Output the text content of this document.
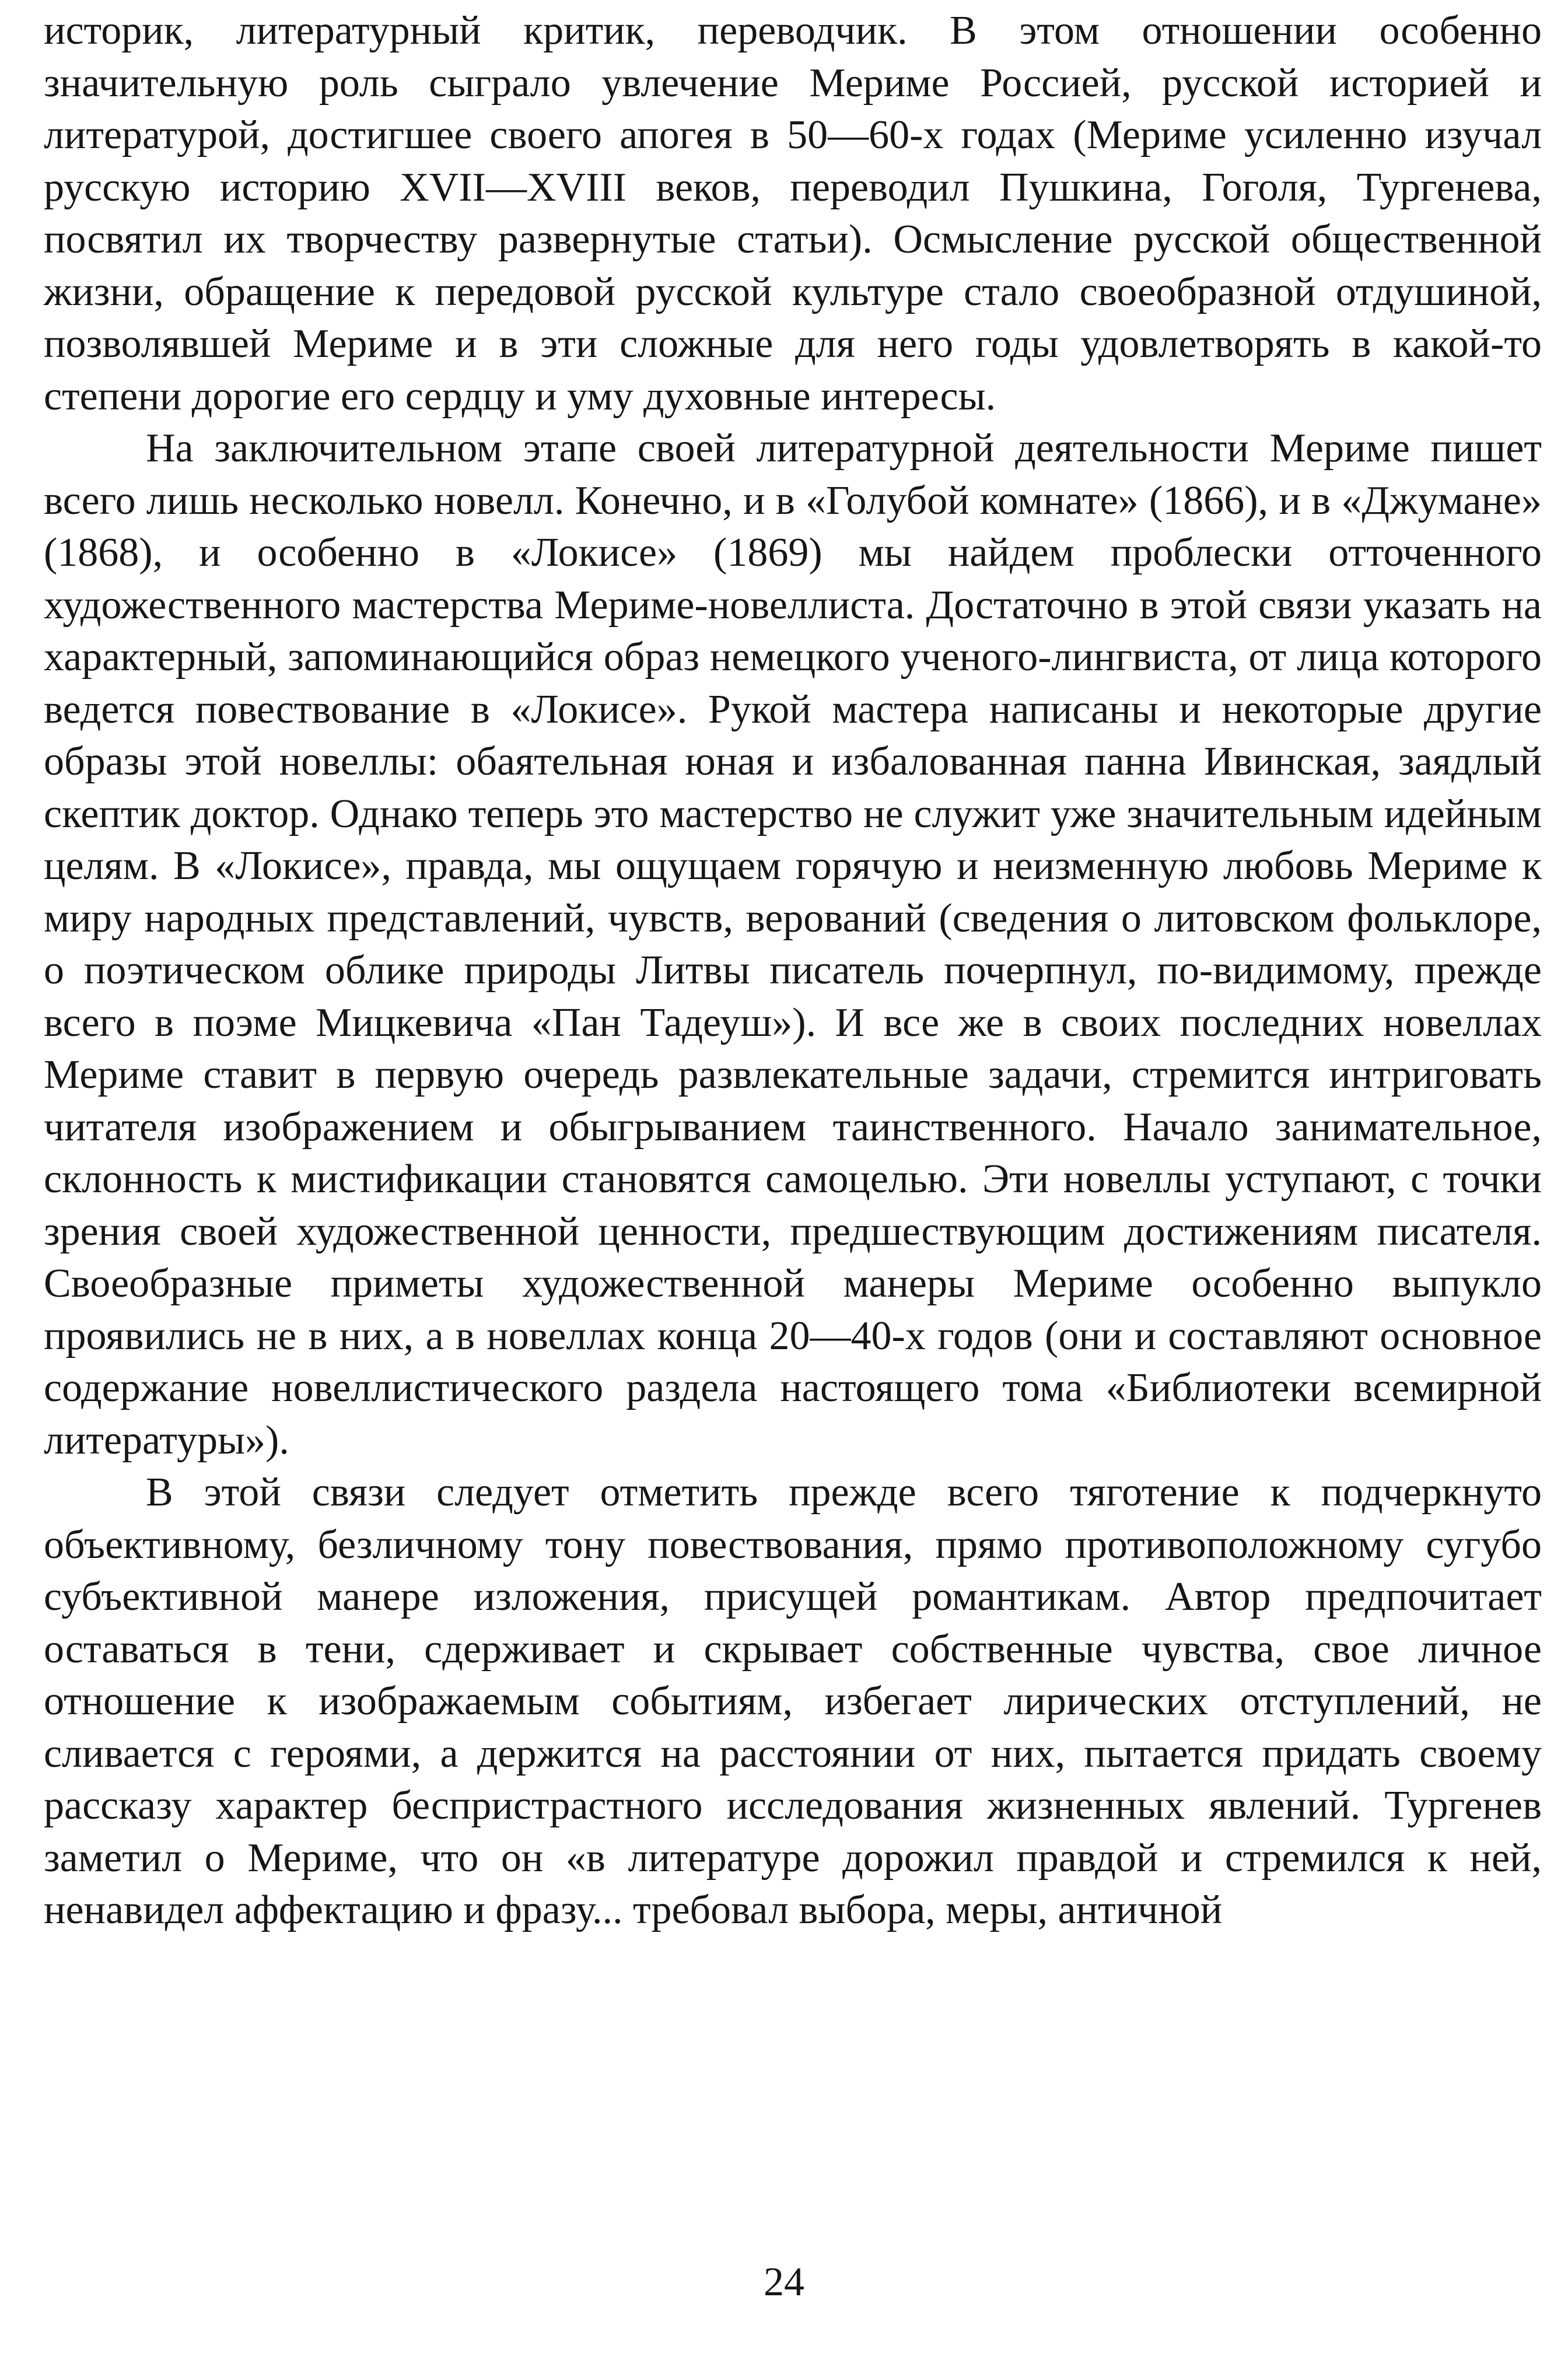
историк, литературный критик, переводчик. В этом отношении особенно значительную роль сыграло увлечение Мериме Россией, русской историей и литературой, достигшее своего апогея в 50—60-х годах (Мериме усиленно изучал русскую историю XVII—XVIII веков, переводил Пушкина, Гоголя, Тургенева, посвятил их творчеству развернутые статьи). Осмысление русской общественной жизни, обращение к передовой русской культуре стало своеобразной отдушиной, позволявшей Мериме и в эти сложные для него годы удовлетворять в какой-то степени дорогие его сердцу и уму духовные интересы.

На заключительном этапе своей литературной деятельности Мериме пишет всего лишь несколько новелл. Конечно, и в «Голубой комнате» (1866), и в «Джумане» (1868), и особенно в «Локисе» (1869) мы найдем проблески отточенного художественного мастерства Мериме-новеллиста. Достаточно в этой связи указать на характерный, запоминающийся образ немецкого ученого-лингвиста, от лица которого ведется повествование в «Локисе». Рукой мастера написаны и некоторые другие образы этой новеллы: обаятельная юная и избалованная панна Ивинская, заядлый скептик доктор. Однако теперь это мастерство не служит уже значительным идейным целям. В «Локисе», правда, мы ощущаем горячую и неизменную любовь Мериме к миру народных представлений, чувств, верований (сведения о литовском фольклоре, о поэтическом облике природы Литвы писатель почерпнул, по-видимому, прежде всего в поэме Мицкевича «Пан Тадеуш»). И все же в своих последних новеллах Мериме ставит в первую очередь развлекательные задачи, стремится интриговать читателя изображением и обыгрыванием таинственного. Начало занимательное, склонность к мистификации становятся самоцелью. Эти новеллы уступают, с точки зрения своей художественной ценности, предшествующим достижениям писателя. Своеобразные приметы художественной манеры Мериме особенно выпукло проявились не в них, а в новеллах конца 20—40-х годов (они и составляют основное содержание новеллистического раздела настоящего тома «Библиотеки всемирной литературы»).

В этой связи следует отметить прежде всего тяготение к подчеркнуто объективному, безличному тону повествования, прямо противоположному сугубо субъективной манере изложения, присущей романтикам. Автор предпочитает оставаться в тени, сдерживает и скрывает собственные чувства, свое личное отношение к изображаемым событиям, избегает лирических отступлений, не сливается с героями, а держится на расстоянии от них, пытается придать своему рассказу характер беспристрастного исследования жизненных явлений. Тургенев заметил о Мериме, что он «в литературе дорожил правдой и стремился к ней, ненавидел аффектацию и фразу... требовал выбора, меры, античной

24
